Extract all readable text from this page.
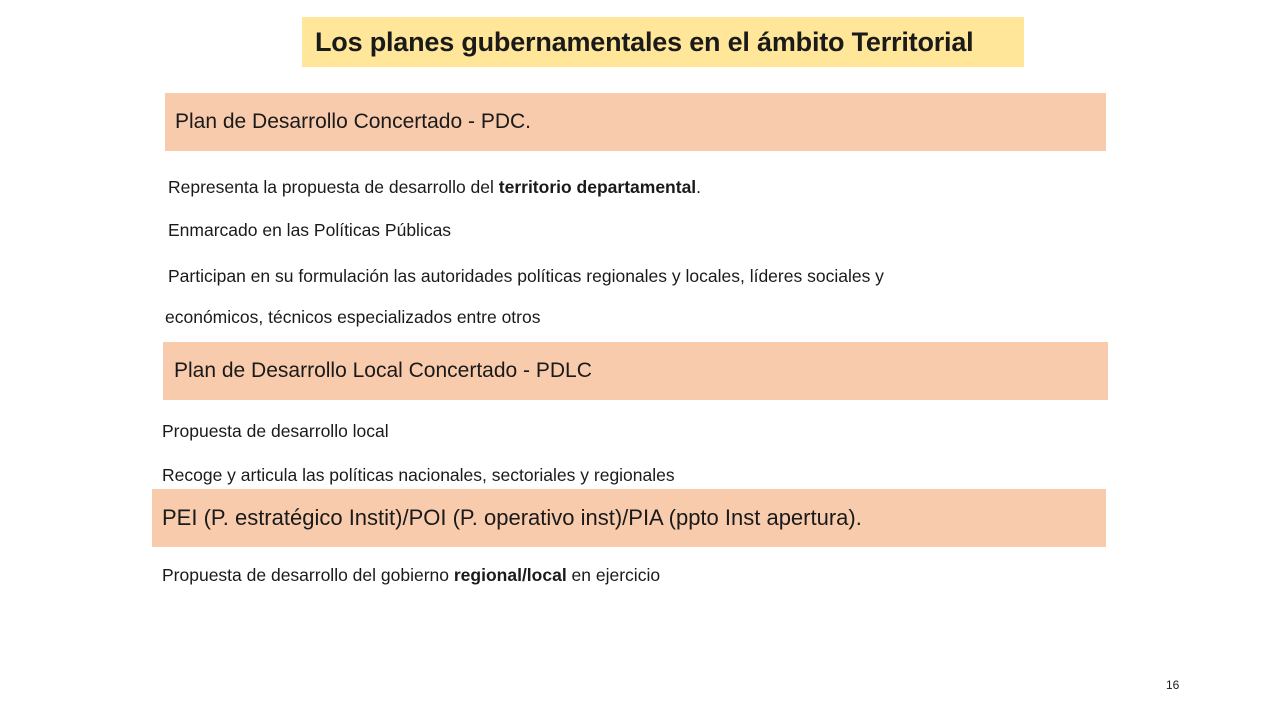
Los planes gubernamentales en el ámbito Territorial
Plan de Desarrollo Concertado - PDC.
Representa la propuesta de desarrollo del territorio departamental.
Enmarcado en las Políticas Públicas
Participan en su formulación las autoridades políticas regionales y locales, líderes sociales y
económicos, técnicos especializados entre otros
Plan de Desarrollo Local Concertado - PDLC
Propuesta de desarrollo local
Recoge y articula las políticas nacionales, sectoriales y regionales
PEI (P. estratégico Instit)/POI (P. operativo inst)/PIA (ppto Inst apertura).
Propuesta de desarrollo del gobierno regional/local en ejercicio
16
